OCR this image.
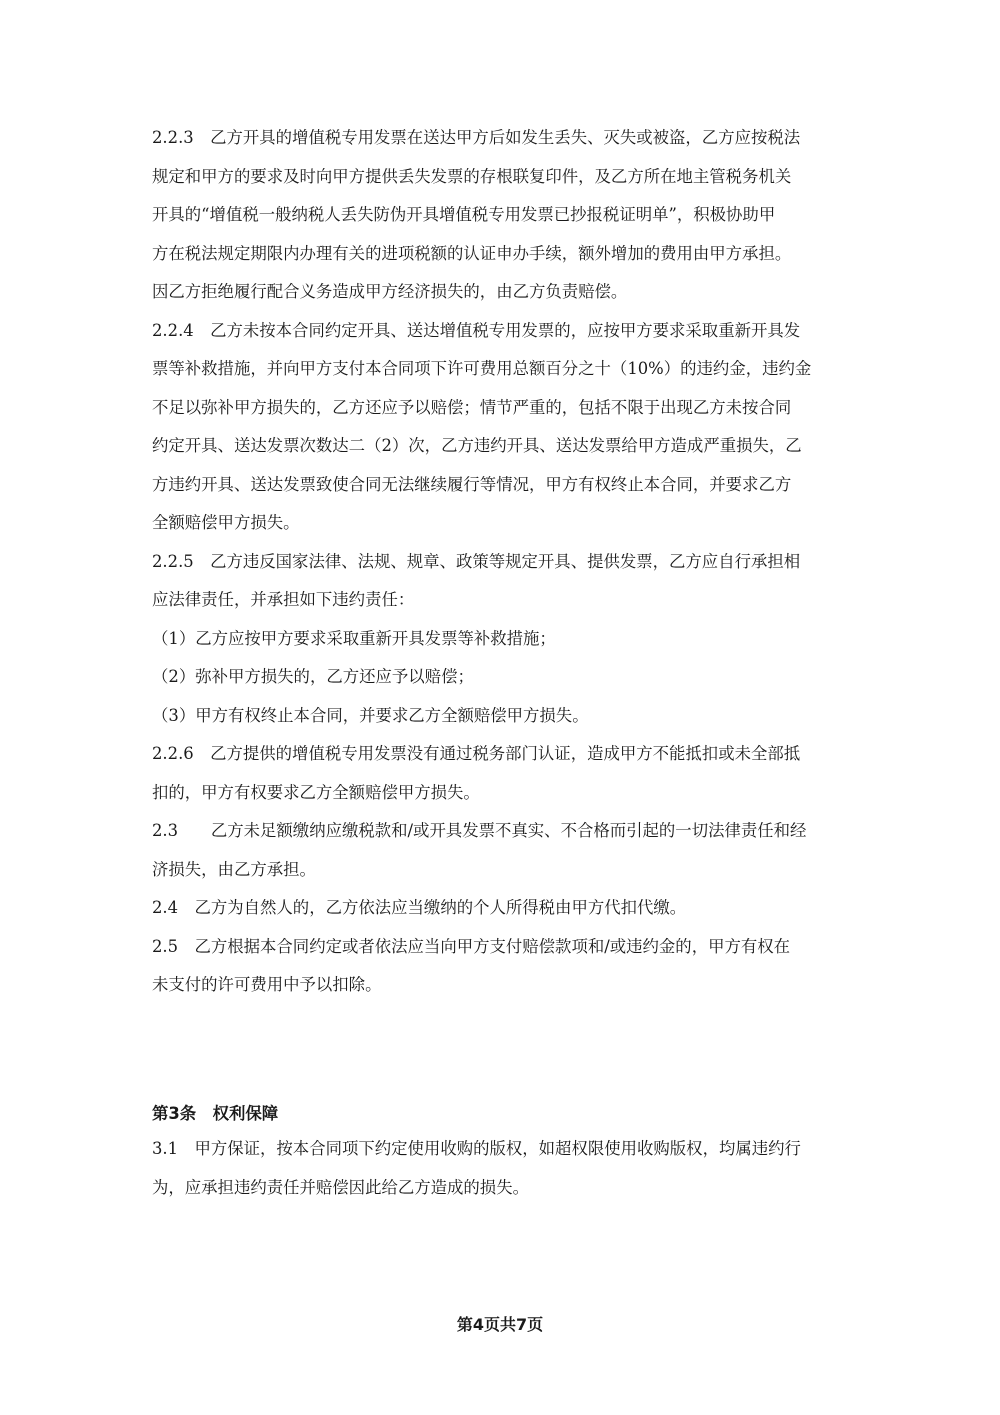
2.2.3　乙方开具的增值税专用发票在送达甲方后如发生丢失、灭失或被盗，乙方应按税法
规定和甲方的要求及时向甲方提供丢失发票的存根联复印件，及乙方所在地主管税务机关
开具的“增值税一般纳税人丢失防伪开具增值税专用发票已抄报税证明单”，积极协助甲
方在税法规定期限内办理有关的进项税额的认证申办手续，额外增加的费用由甲方承担。
因乙方拒绝履行配合义务造成甲方经济损失的，由乙方负责赔偿。
2.2.4　乙方未按本合同约定开具、送达增值税专用发票的，应按甲方要求采取重新开具发
票等补救措施，并向甲方支付本合同项下许可费用总额百分之十（10%）的违约金，违约金
不足以弥补甲方损失的，乙方还应予以赔偿；情节严重的，包括不限于出现乙方未按合同
约定开具、送达发票次数达二（2）次，乙方违约开具、送达发票给甲方造成严重损失，乙
方违约开具、送达发票致使合同无法继续履行等情况，甲方有权终止本合同，并要求乙方
全额赔偿甲方损失。
2.2.5　乙方违反国家法律、法规、规章、政策等规定开具、提供发票，乙方应自行承担相
应法律责任，并承担如下违约责任：
（1）乙方应按甲方要求采取重新开具发票等补救措施；
（2）弥补甲方损失的，乙方还应予以赔偿；
（3）甲方有权终止本合同，并要求乙方全额赔偿甲方损失。
2.2.6　乙方提供的增值税专用发票没有通过税务部门认证，造成甲方不能抵扣或未全部抵
扣的，甲方有权要求乙方全额赔偿甲方损失。
2.3　　乙方未足额缴纳应缴税款和/或开具发票不真实、不合格而引起的一切法律责任和经
济损失，由乙方承担。
2.4　乙方为自然人的，乙方依法应当缴纳的个人所得税由甲方代扣代缴。
2.5　乙方根据本合同约定或者依法应当向甲方支付赔偿款项和/或违约金的，甲方有权在
未支付的许可费用中予以扣除。
第3条　权利保障
3.1　甲方保证，按本合同项下约定使用收购的版权，如超权限使用收购版权，均属违约行
为，应承担违约责任并赔偿因此给乙方造成的损失。
第4页共7页
